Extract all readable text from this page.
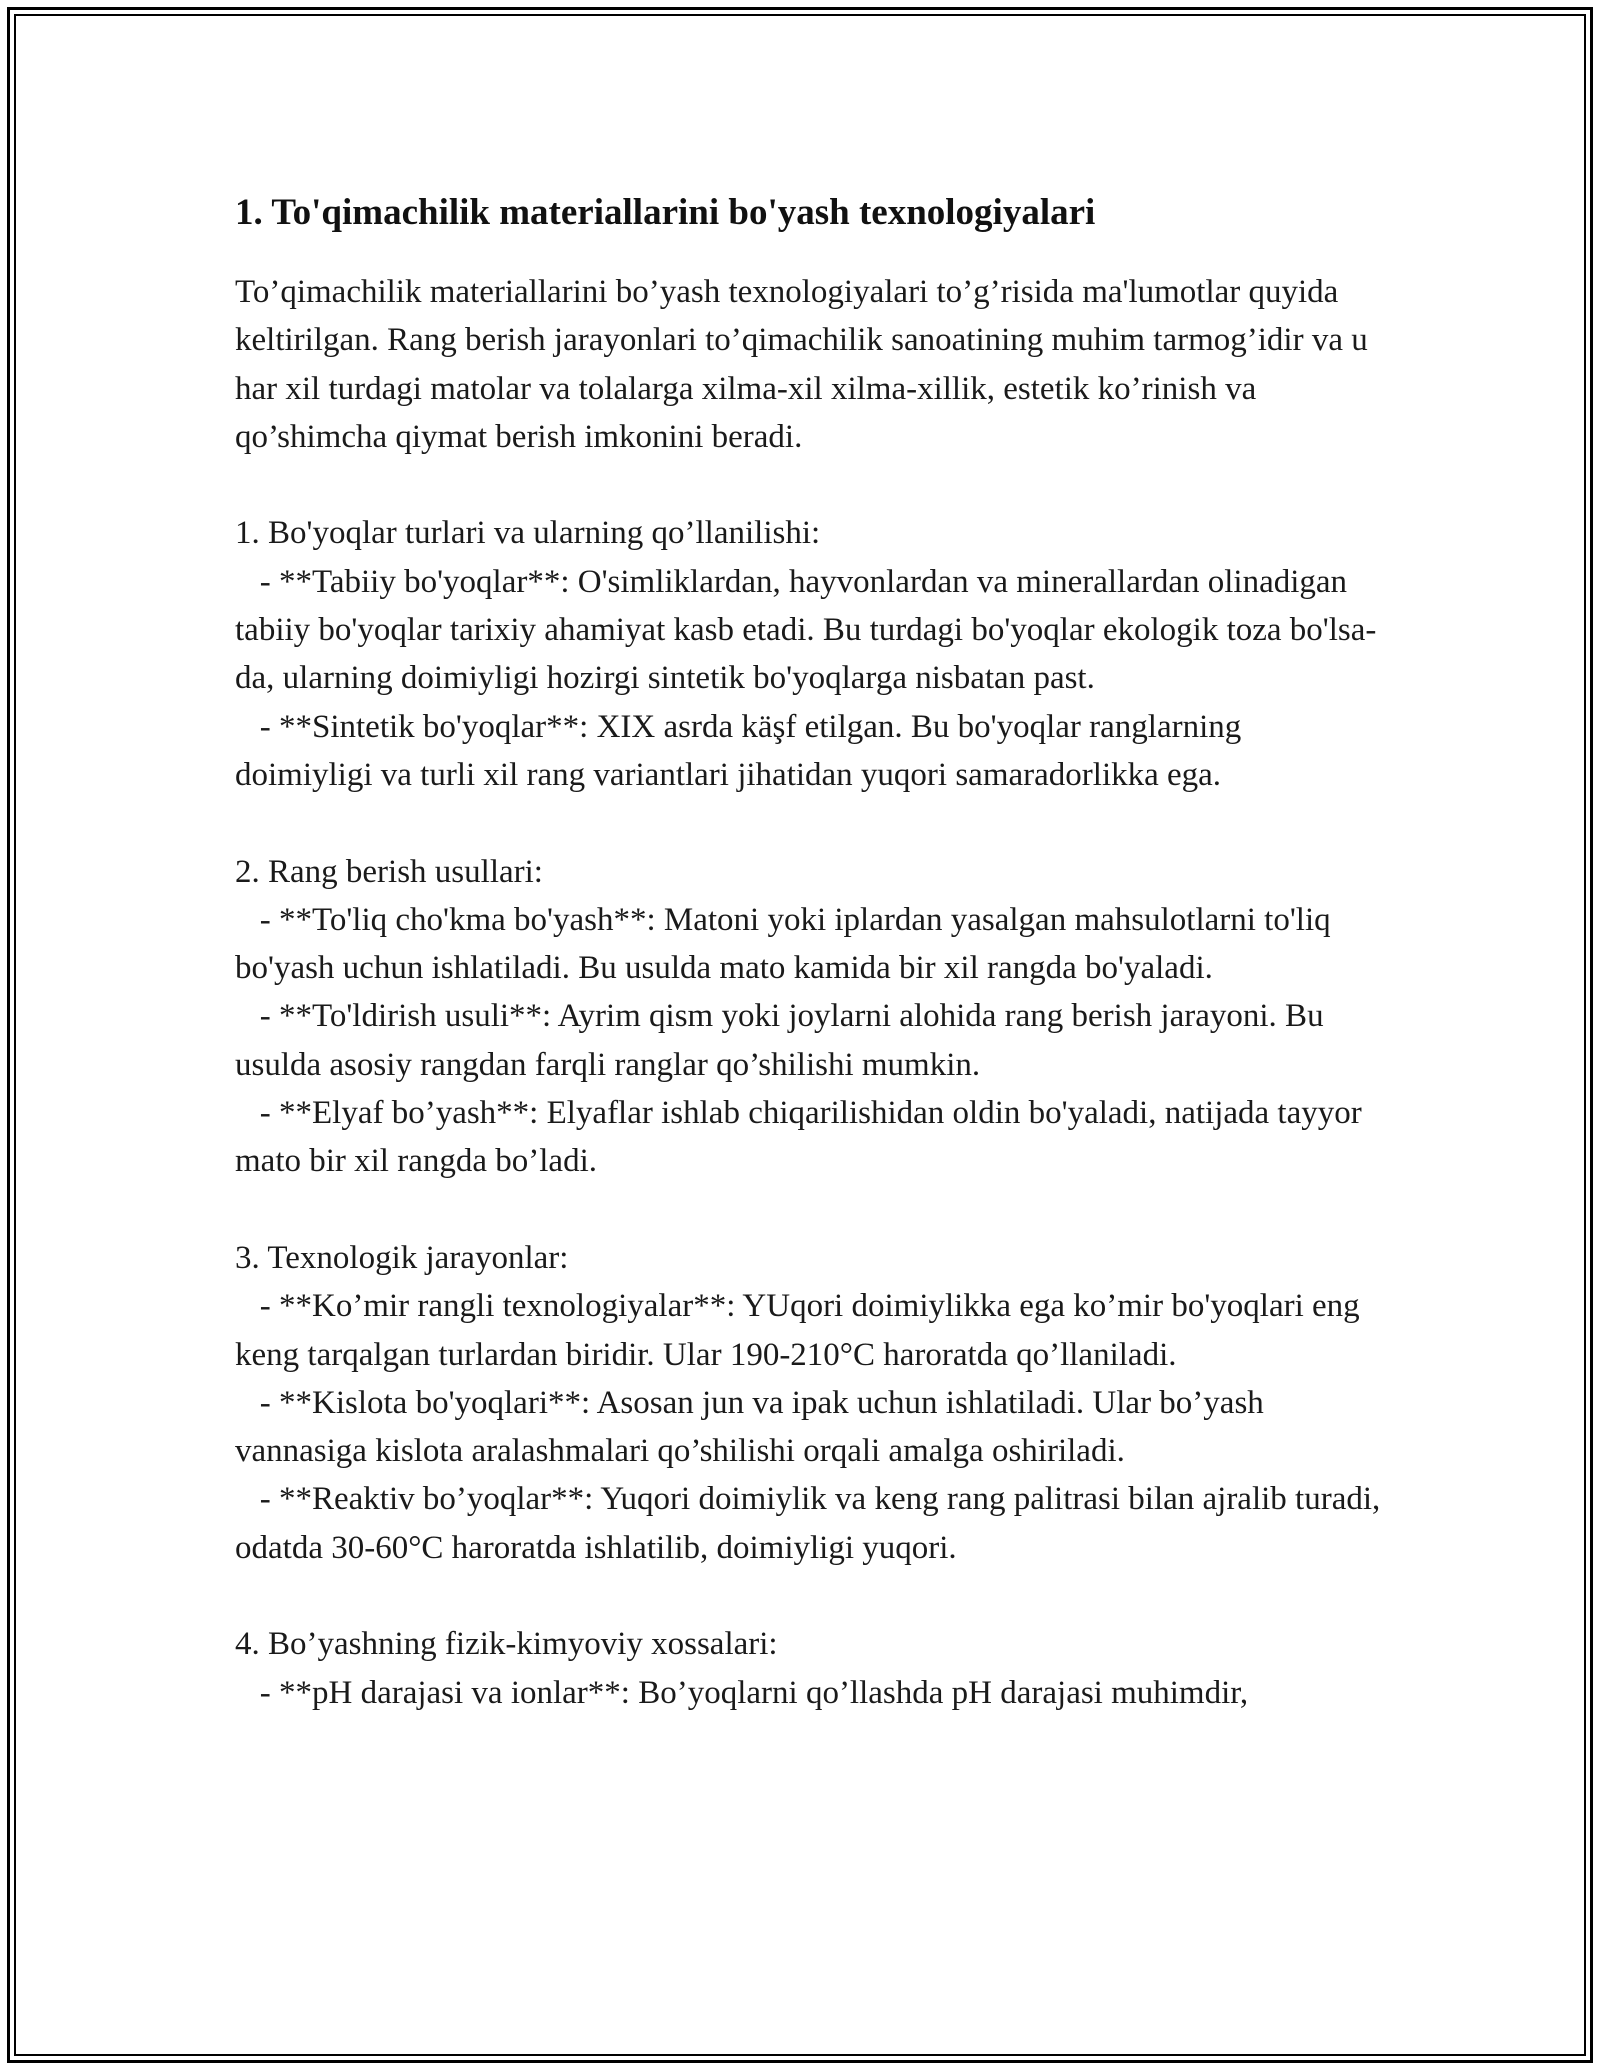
1. To'qimachilik materiallarini bo'yash texnologiyalari

To’qimachilik materiallarini bo’yash texnologiyalari to’g’risida ma'lumotlar quyida keltirilgan. Rang berish jarayonlari to’qimachilik sanoatining muhim tarmog’idir va u har xil turdagi matolar va tolalarga xilma-xil xilma-xillik, estetik ko’rinish va qo’shimcha qiymat berish imkonini beradi.

1. Bo'yoqlar turlari va ularning qo’llanilishi:

- **Tabiiy bo'yoqlar**: O'simliklardan, hayvonlardan va minerallardan olinadigan tabiiy bo'yoqlar tarixiy ahamiyat kasb etadi. Bu turdagi bo'yoqlar ekologik toza bo'lsa-da, ularning doimiyligi hozirgi sintetik bo'yoqlarga nisbatan past.

- **Sintetik bo'yoqlar**: XIX asrda käşf etilgan. Bu bo'yoqlar ranglarning doimiyligi va turli xil rang variantlari jihatidan yuqori samaradorlikka ega.

2. Rang berish usullari:

- **To'liq cho'kma bo'yash**: Matoni yoki iplardan yasalgan mahsulotlarni to'liq bo'yash uchun ishlatiladi. Bu usulda mato kamida bir xil rangda bo'yaladi.

- **To'ldirish usuli**: Ayrim qism yoki joylarni alohida rang berish jarayoni. Bu usulda asosiy rangdan farqli ranglar qo’shilishi mumkin.

- **Elyaf bo’yash**: Elyaflar ishlab chiqarilishidan oldin bo'yaladi, natijada tayyor mato bir xil rangda bo’ladi.

3. Texnologik jarayonlar:

- **Ko’mir rangli texnologiyalar**: YUqori doimiylikka ega ko’mir bo'yoqlari eng keng tarqalgan turlardan biridir. Ular 190-210°C haroratda qo’llaniladi.

- **Kislota bo'yoqlari**: Asosan jun va ipak uchun ishlatiladi. Ular bo’yash vannasiga kislota aralashmalari qo’shilishi orqali amalga oshiriladi.

- **Reaktiv bo’yoqlar**: Yuqori doimiylik va keng rang palitrasi bilan ajralib turadi, odatda 30-60°C haroratda ishlatilib, doimiyligi yuqori.

4. Bo’yashning fizik-kimyoviy xossalari:

- **pH darajasi va ionlar**: Bo’yoqlarni qo’llashda pH darajasi muhimdir,
